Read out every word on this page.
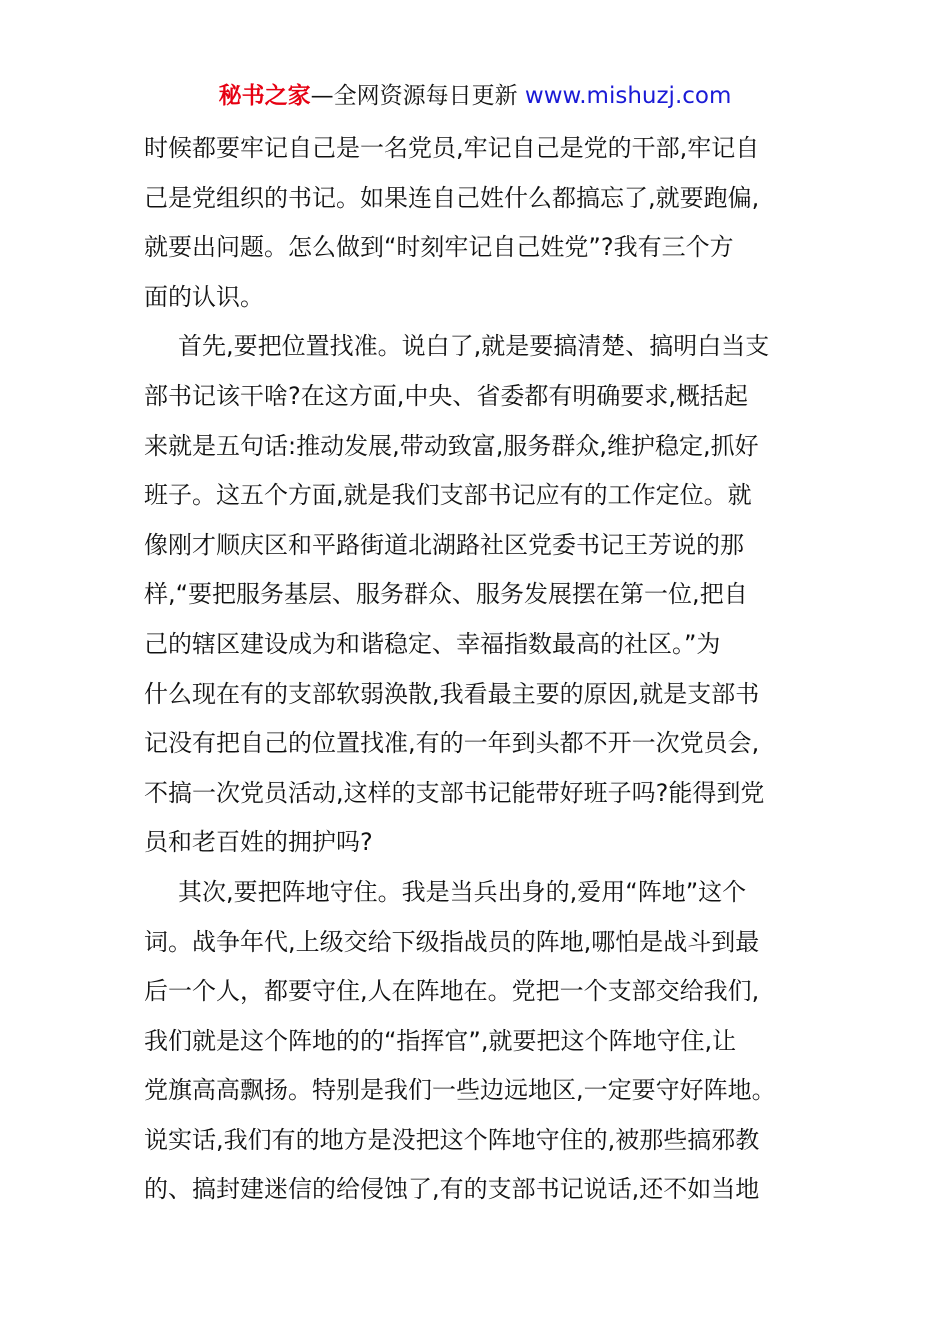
秘书之家—全网资源每日更新 www.mishuzj.com
时候都要牢记自己是一名党员,牢记自己是党的干部,牢记自
己是党组织的书记。如果连自己姓什么都搞忘了,就要跑偏,
就要出问题。怎么做到“时刻牢记自己姓党”?我有三个方
面的认识。
首先,要把位置找准。说白了,就是要搞清楚、搞明白当支
部书记该干啥?在这方面,中央、省委都有明确要求,概括起
来就是五句话:推动发展,带动致富,服务群众,维护稳定,抓好
班子。这五个方面,就是我们支部书记应有的工作定位。就
像刚才顺庆区和平路街道北湖路社区党委书记王芳说的那
样,“要把服务基层、服务群众、服务发展摆在第一位,把自
己的辖区建设成为和谐稳定、幸福指数最高的社区。”为
什么现在有的支部软弱涣散,我看最主要的原因,就是支部书
记没有把自己的位置找准,有的一年到头都不开一次党员会,
不搞一次党员活动,这样的支部书记能带好班子吗?能得到党
员和老百姓的拥护吗?
其次,要把阵地守住。我是当兵出身的,爱用“阵地”这个
词。战争年代,上级交给下级指战员的阵地,哪怕是战斗到最
后一个人，都要守住,人在阵地在。党把一个支部交给我们,
我们就是这个阵地的的“指挥官”,就要把这个阵地守住,让
党旗高高飘扬。特别是我们一些边远地区,一定要守好阵地。
说实话,我们有的地方是没把这个阵地守住的,被那些搞邪教
的、搞封建迷信的给侵蚀了,有的支部书记说话,还不如当地
